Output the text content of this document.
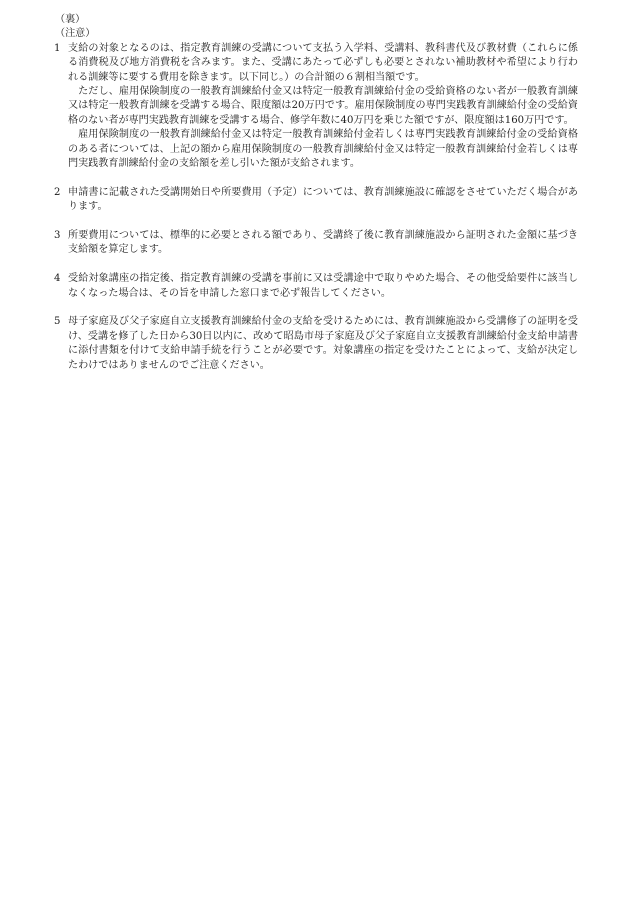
（裏）
（注意）
1 支給の対象となるのは、指定教育訓練の受講について支払う入学料、受講料、教科書代及び教材費（これらに係る消費税及び地方消費税を含みます。また、受講にあたって必ずしも必要とされない補助教材や希望により行われる訓練等に要する費用を除きます。以下同じ。）の合計額の６割相当額です。

ただし、雇用保険制度の一般教育訓練給付金又は特定一般教育訓練給付金の受給資格のない者が一般教育訓練又は特定一般教育訓練を受講する場合、限度額は20万円です。雇用保険制度の専門実践教育訓練給付金の受給資格のない者が専門実践教育訓練を受講する場合、修学年数に40万円を乗じた額ですが、限度額は160万円です。

雇用保険制度の一般教育訓練給付金又は特定一般教育訓練給付金若しくは専門実践教育訓練給付金の受給資格のある者については、上記の額から雇用保険制度の一般教育訓練給付金又は特定一般教育訓練給付金若しくは専門実践教育訓練給付金の支給額を差し引いた額が支給されます。

2 申請書に記載された受講開始日や所要費用（予定）については、教育訓練施設に確認をさせていただく場合があります。

3 所要費用については、標準的に必要とされる額であり、受講終了後に教育訓練施設から証明された金額に基づき支給額を算定します。

4 受給対象講座の指定後、指定教育訓練の受講を事前に又は受講途中で取りやめた場合、その他受給要件に該当しなくなった場合は、その旨を申請した窓口まで必ず報告してください。

5 母子家庭及び父子家庭自立支援教育訓練給付金の支給を受けるためには、教育訓練施設から受講修了の証明を受け、受講を修了した日から30日以内に、改めて昭島市母子家庭及び父子家庭自立支援教育訓練給付金支給申請書に添付書類を付けて支給申請手続を行うことが必要です。対象講座の指定を受けたことによって、支給が決定したわけではありませんのでご注意ください。
